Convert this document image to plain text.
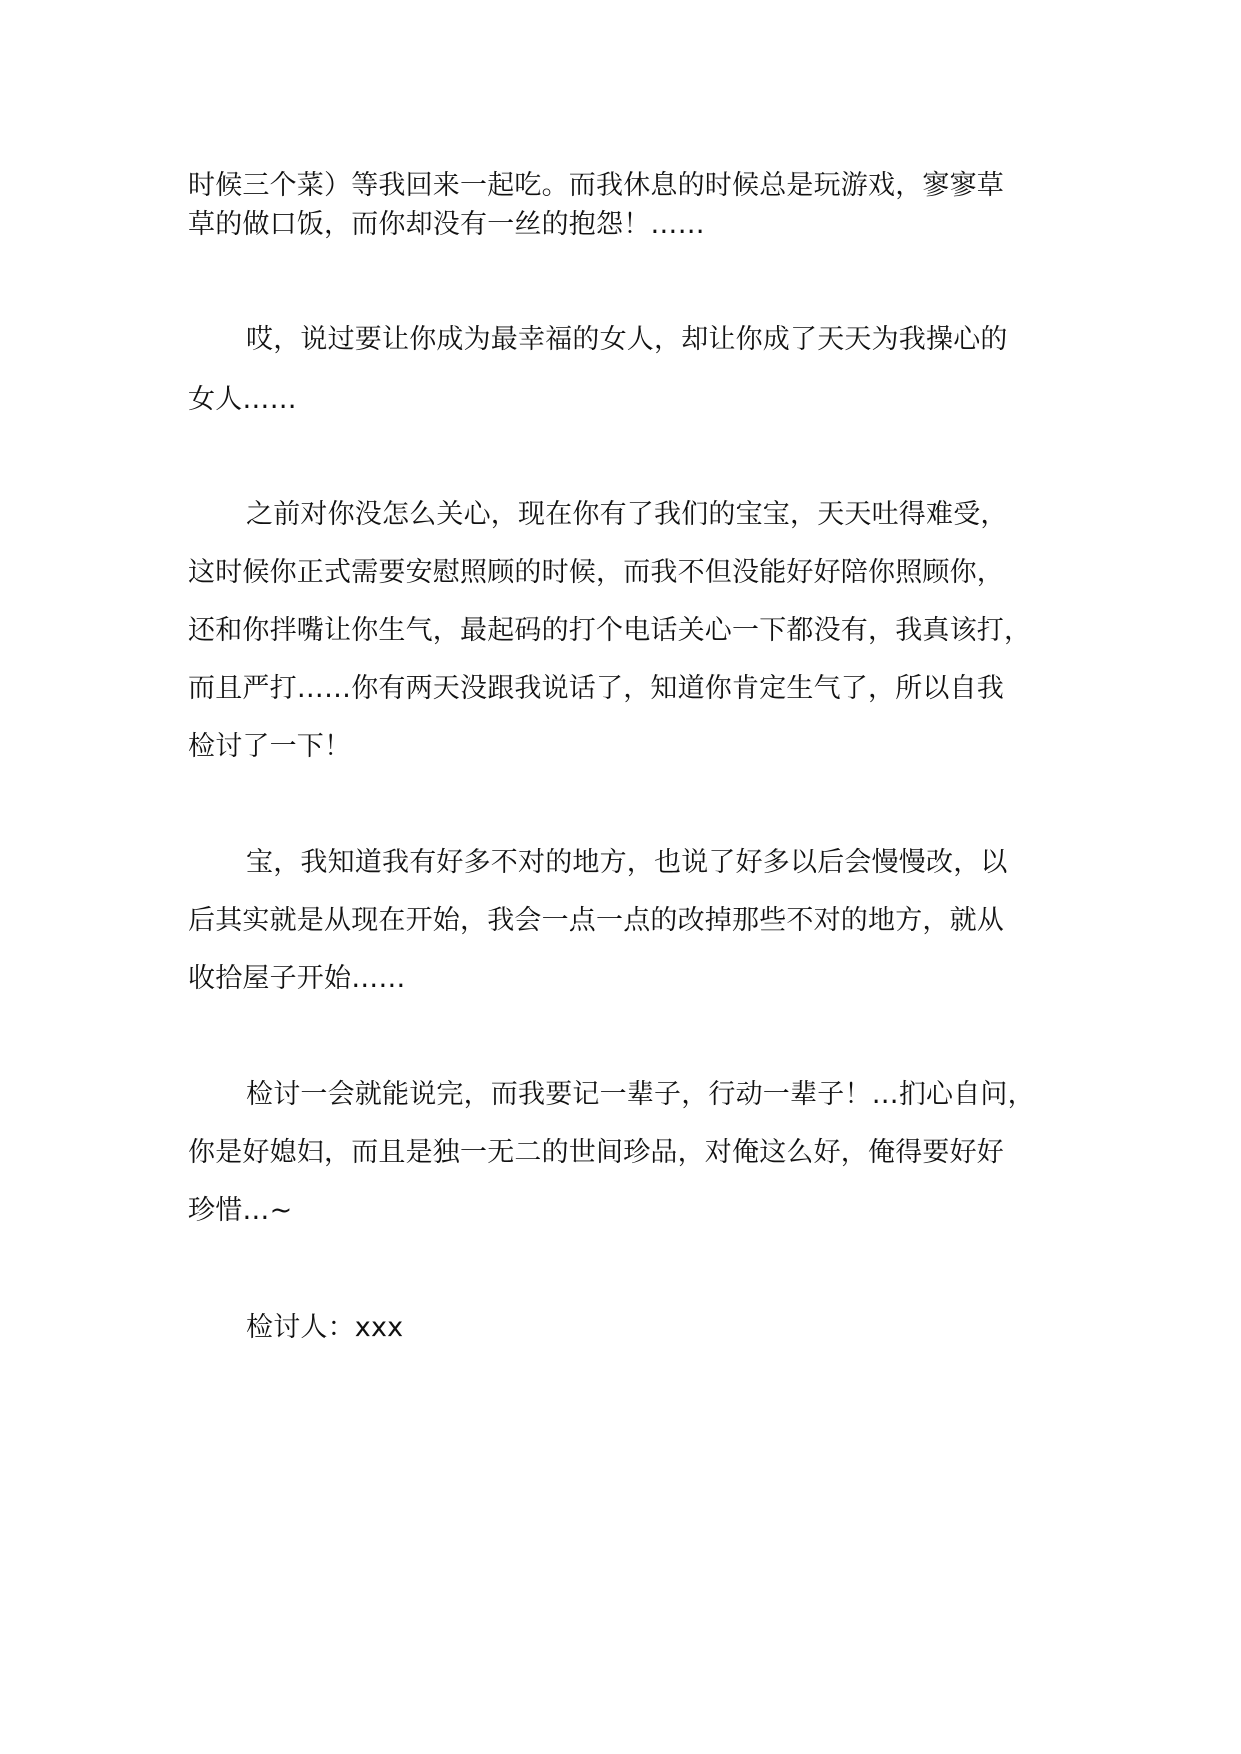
时候三个菜）等我回来一起吃。而我休息的时候总是玩游戏，寥寥草
草的做口饭，而你却没有一丝的抱怨！……
哎，说过要让你成为最幸福的女人，却让你成了天天为我操心的
女人……
之前对你没怎么关心，现在你有了我们的宝宝，天天吐得难受，
这时候你正式需要安慰照顾的时候，而我不但没能好好陪你照顾你，
还和你拌嘴让你生气，最起码的打个电话关心一下都没有，我真该打，
而且严打……你有两天没跟我说话了，知道你肯定生气了，所以自我
检讨了一下！
宝，我知道我有好多不对的地方，也说了好多以后会慢慢改，以
后其实就是从现在开始，我会一点一点的改掉那些不对的地方，就从
收拾屋子开始……
检讨一会就能说完，而我要记一辈子，行动一辈子！…扪心自问，
你是好媳妇，而且是独一无二的世间珍品，对俺这么好，俺得要好好
珍惜…~
检讨人：xxx
